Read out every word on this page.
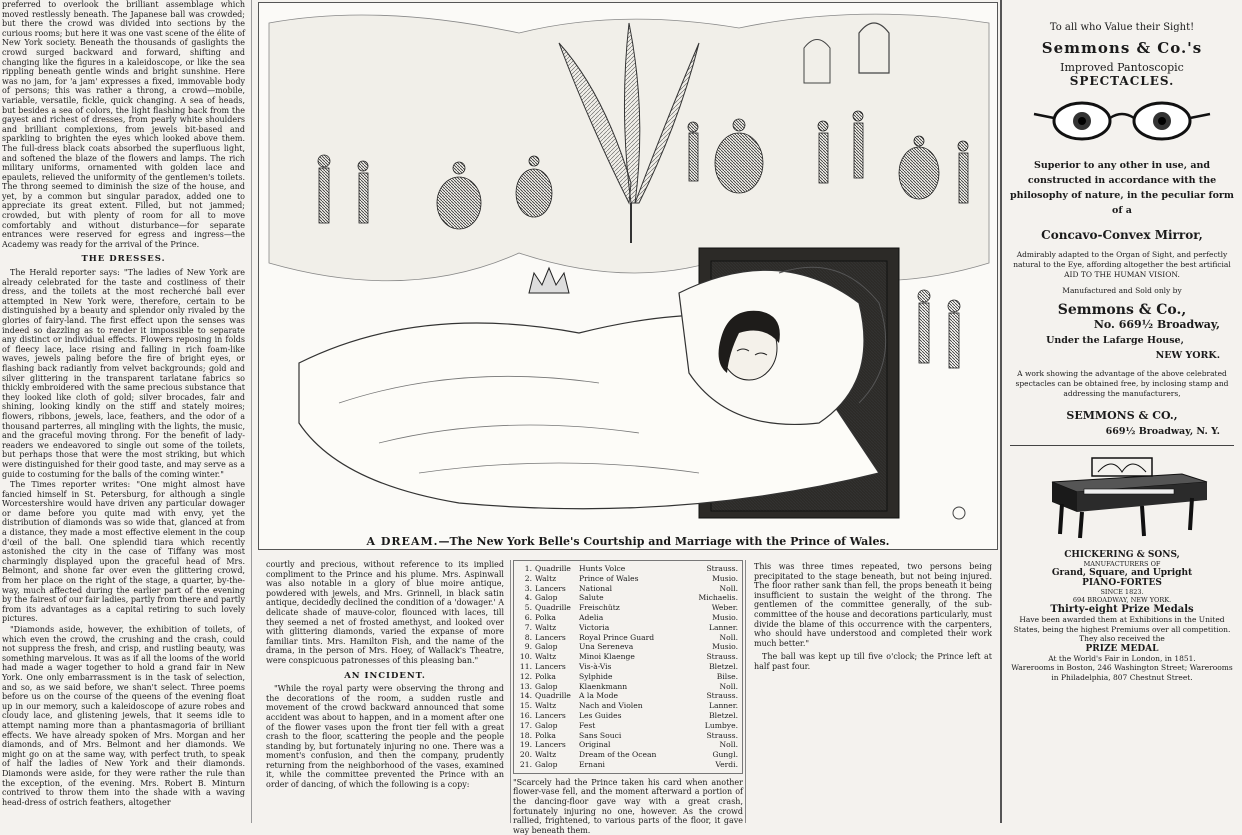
preferred to overlook the brilliant assemblage which moved restlessly beneath. The Japanese ball was crowded; but there the crowd was divided into sections by the curious rooms; but here it was one vast scene of the élite of New York society. Beneath the thousands of gaslights the crowd surged backward and forward, shifting and changing like the figures in a kaleidoscope, or like the sea rippling beneath gentle winds and bright sunshine. Here was no jam, for 'a jam' expresses a fixed, immovable body of persons; this was rather a throng, a crowd—mobile, variable, versatile, fickle, quick changing. A sea of heads, but besides a sea of colors, the light flashing back from the gayest and richest of dresses, from pearly white shoulders and brilliant complexions, from jewels bit-based and sparkling to brighten the eyes which looked above them. The full-dress black coats absorbed the superfluous light, and softened the blaze of the flowers and lamps. The rich military uniforms, ornamented with golden lace and epaulets, relieved the uniformity of the gentlemen's toilets. The throng seemed to diminish the size of the house, and yet, by a common but singular paradox, added one to appreciate its great extent. Filled, but not jammed; crowded, but with plenty of room for all to move comfortably and without disturbance—for separate entrances were reserved for egress and ingress—the Academy was ready for the arrival of the Prince.

THE DRESSES.

The Herald reporter says: "The ladies of New York are already celebrated for the taste and costliness of their dress, and the toilets at the most recherché ball ever attempted in New York were, therefore, certain to be distinguished by a beauty and splendor only rivaled by the glories of fairy-land. The first effect upon the senses was indeed so dazzling as to render it impossible to separate any distinct or individual effects. Flowers reposing in folds of fleecy lace, lace rising and falling in rich foam-like waves, jewels paling before the fire of bright eyes, or flashing back radiantly from velvet backgrounds; gold and silver glittering in the transparent tarlatane fabrics so thickly embroidered with the same precious substance that they looked like cloth of gold; silver brocades, fair and shining, looking kindly on the stiff and stately moires; flowers, ribbons, jewels, lace, feathers, and the odor of a thousand parterres, all mingling with the lights, the music, and the graceful moving throng. For the benefit of lady-readers we endeavored to single out some of the toilets, but perhaps those that were the most striking, but which were distinguished for their good taste, and may serve as a guide to costuming for the balls of the coming winter."

The Times reporter writes: "One might almost have fancied himself in St. Petersburg, for although a single Worcestershire would have driven any particular dowager or dame before you quite mad with envy, yet the distribution of diamonds was so wide that, glanced at from a distance, they made a most effective element in the coup d'œil of the ball. One splendid tiara which recently astonished the city in the case of Tiffany was most charmingly displayed upon the graceful head of Mrs. Belmont, and shone far over even the glittering crowd, from her place on the right of the stage, a quarter, by-the-way, much affected during the earlier part of the evening by the fairest of our fair ladies, partly from there and partly from its advantages as a capital retiring to such lovely pictures.

"Diamonds aside, however, the exhibition of toilets, of which even the crowd, the crushing and the crash, could not suppress the fresh, and crisp, and rustling beauty, was something marvelous. It was as if all the looms of the world had made a wager together to hold a grand fair in New York. One only embarrassment is in the task of selection, and so, as we said before, we shan't select. Three poems before us on the course of the queens of the evening float up in our memory, such a kaleidoscope of azure robes and cloudy lace, and glistening jewels, that it seems idle to attempt naming more than a phantasmagoria of brilliant effects. We have already spoken of Mrs. Morgan and her diamonds, and of Mrs. Belmont and her diamonds. We might go on at the same way, with perfect truth, to speak of half the ladies of New York and their diamonds. Diamonds were aside, for they were rather the rule than the exception, of the evening. Mrs. Robert B. Minturn contrived to throw them into the shade with a waving head-dress of ostrich feathers, altogether

A DREAM.—The New York Belle's Courtship and Marriage with the Prince of Wales.

courtly and precious, without reference to its implied compliment to the Prince and his plume. Mrs. Aspinwall was also notable in a glory of blue moire antique, powdered with jewels, and Mrs. Grinnell, in black satin antique, decidedly declined the condition of a 'dowager.' A delicate shade of mauve-color, flounced with laces, till they seemed a net of frosted amethyst, and looked over with glittering diamonds, varied the expanse of more familiar tints. Mrs. Hamilton Fish, and the name of the drama, in the person of Mrs. Hoey, of Wallack's Theatre, were conspicuous patronesses of this pleasing ban."

AN INCIDENT.

"While the royal party were observing the throng and the decorations of the room, a sudden rustle and movement of the crowd backward announced that some accident was about to happen, and in a moment after one of the flower vases upon the front tier fell with a great crash to the floor, scattering the people and the people standing by, but fortunately injuring no one. There was a moment's confusion, and then the company, prudently returning from the neighborhood of the vases, examined it, while the committee prevented the Prince with an order of dancing, of which the following is a copy:

1. Quadrille	Hunts Volce	Strauss.
2. Waltz	Prince of Wales	Musio.
3. Lancers	National	Noll.
4. Galop	Salute	Michaelis.
5. Quadrille	Freischütz	Weber.
6. Polka	Adelia	Musio.
7. Waltz	Victoria	Lanner.
8. Lancers	Royal Prince Guard	Noll.
9. Galop	Una Sereneva	Musio.
10. Waltz	Minoi Klaenge	Strauss.
11. Lancers	Vis-à-Vis	Bletzel.
12. Polka	Sylphide	Bilse.
13. Galop	Klaenkmann	Noll.
14. Quadrille	A la Mode	Strauss.
15. Waltz	Nach and Violen	Lanner.
16. Lancers	Les Guides	Bletzel.
17. Galop	Fest	Lumbye.
18. Polka	Sans Souci	Strauss.
19. Lancers	Original	Noll.
20. Waltz	Dream of the Ocean	Gungl.
21. Galop	Ernani	Verdi.
"Scarcely had the Prince taken his card when another flower-vase fell, and the moment afterward a portion of the dancing-floor gave way with a great crash, fortunately injuring no one, however. As the crowd rallied, frightened, to various parts of the floor, it gave way beneath them.

This was three times repeated, two persons being precipitated to the stage beneath, but not being injured. The floor rather sank than fell, the props beneath it being insufficient to sustain the weight of the throng. The gentlemen of the committee generally, of the sub-committee of the house and decorations particularly, must divide the blame of this occurrence with the carpenters, who should have understood and completed their work much better."

The ball was kept up till five o'clock; the Prince left at half past four.

To all who Value their Sight!
Semmons & Co.'s
Improved Pantoscopic
SPECTACLES.
Superior to any other in use, and constructed in accordance with the philosophy of nature, in the peculiar form of a
Concavo-Convex Mirror,
Admirably adapted to the Organ of Sight, and perfectly natural to the Eye, affording altogether the best artificial AID TO THE HUMAN VISION.
Manufactured and Sold only by
Semmons & Co.,
No. 669½ Broadway,
Under the Lafarge House,
NEW YORK.
A work showing the advantage of the above celebrated spectacles can be obtained free, by inclosing stamp and addressing the manufacturers,
SEMMONS & CO.,
669½ Broadway, N. Y.
CHICKERING & SONS,
MANUFACTURERS OF
Grand, Square, and Upright
PIANO-FORTES
SINCE 1823.
694 BROADWAY, NEW YORK.
Thirty-eight Prize Medals
Have been awarded them at Exhibitions in the United States, being the highest Premiums over all competition. They also received the
PRIZE MEDAL
At the World's Fair in London, in 1851.
Warerooms in Boston, 246 Washington Street; Warerooms in Philadelphia, 807 Chestnut Street.
